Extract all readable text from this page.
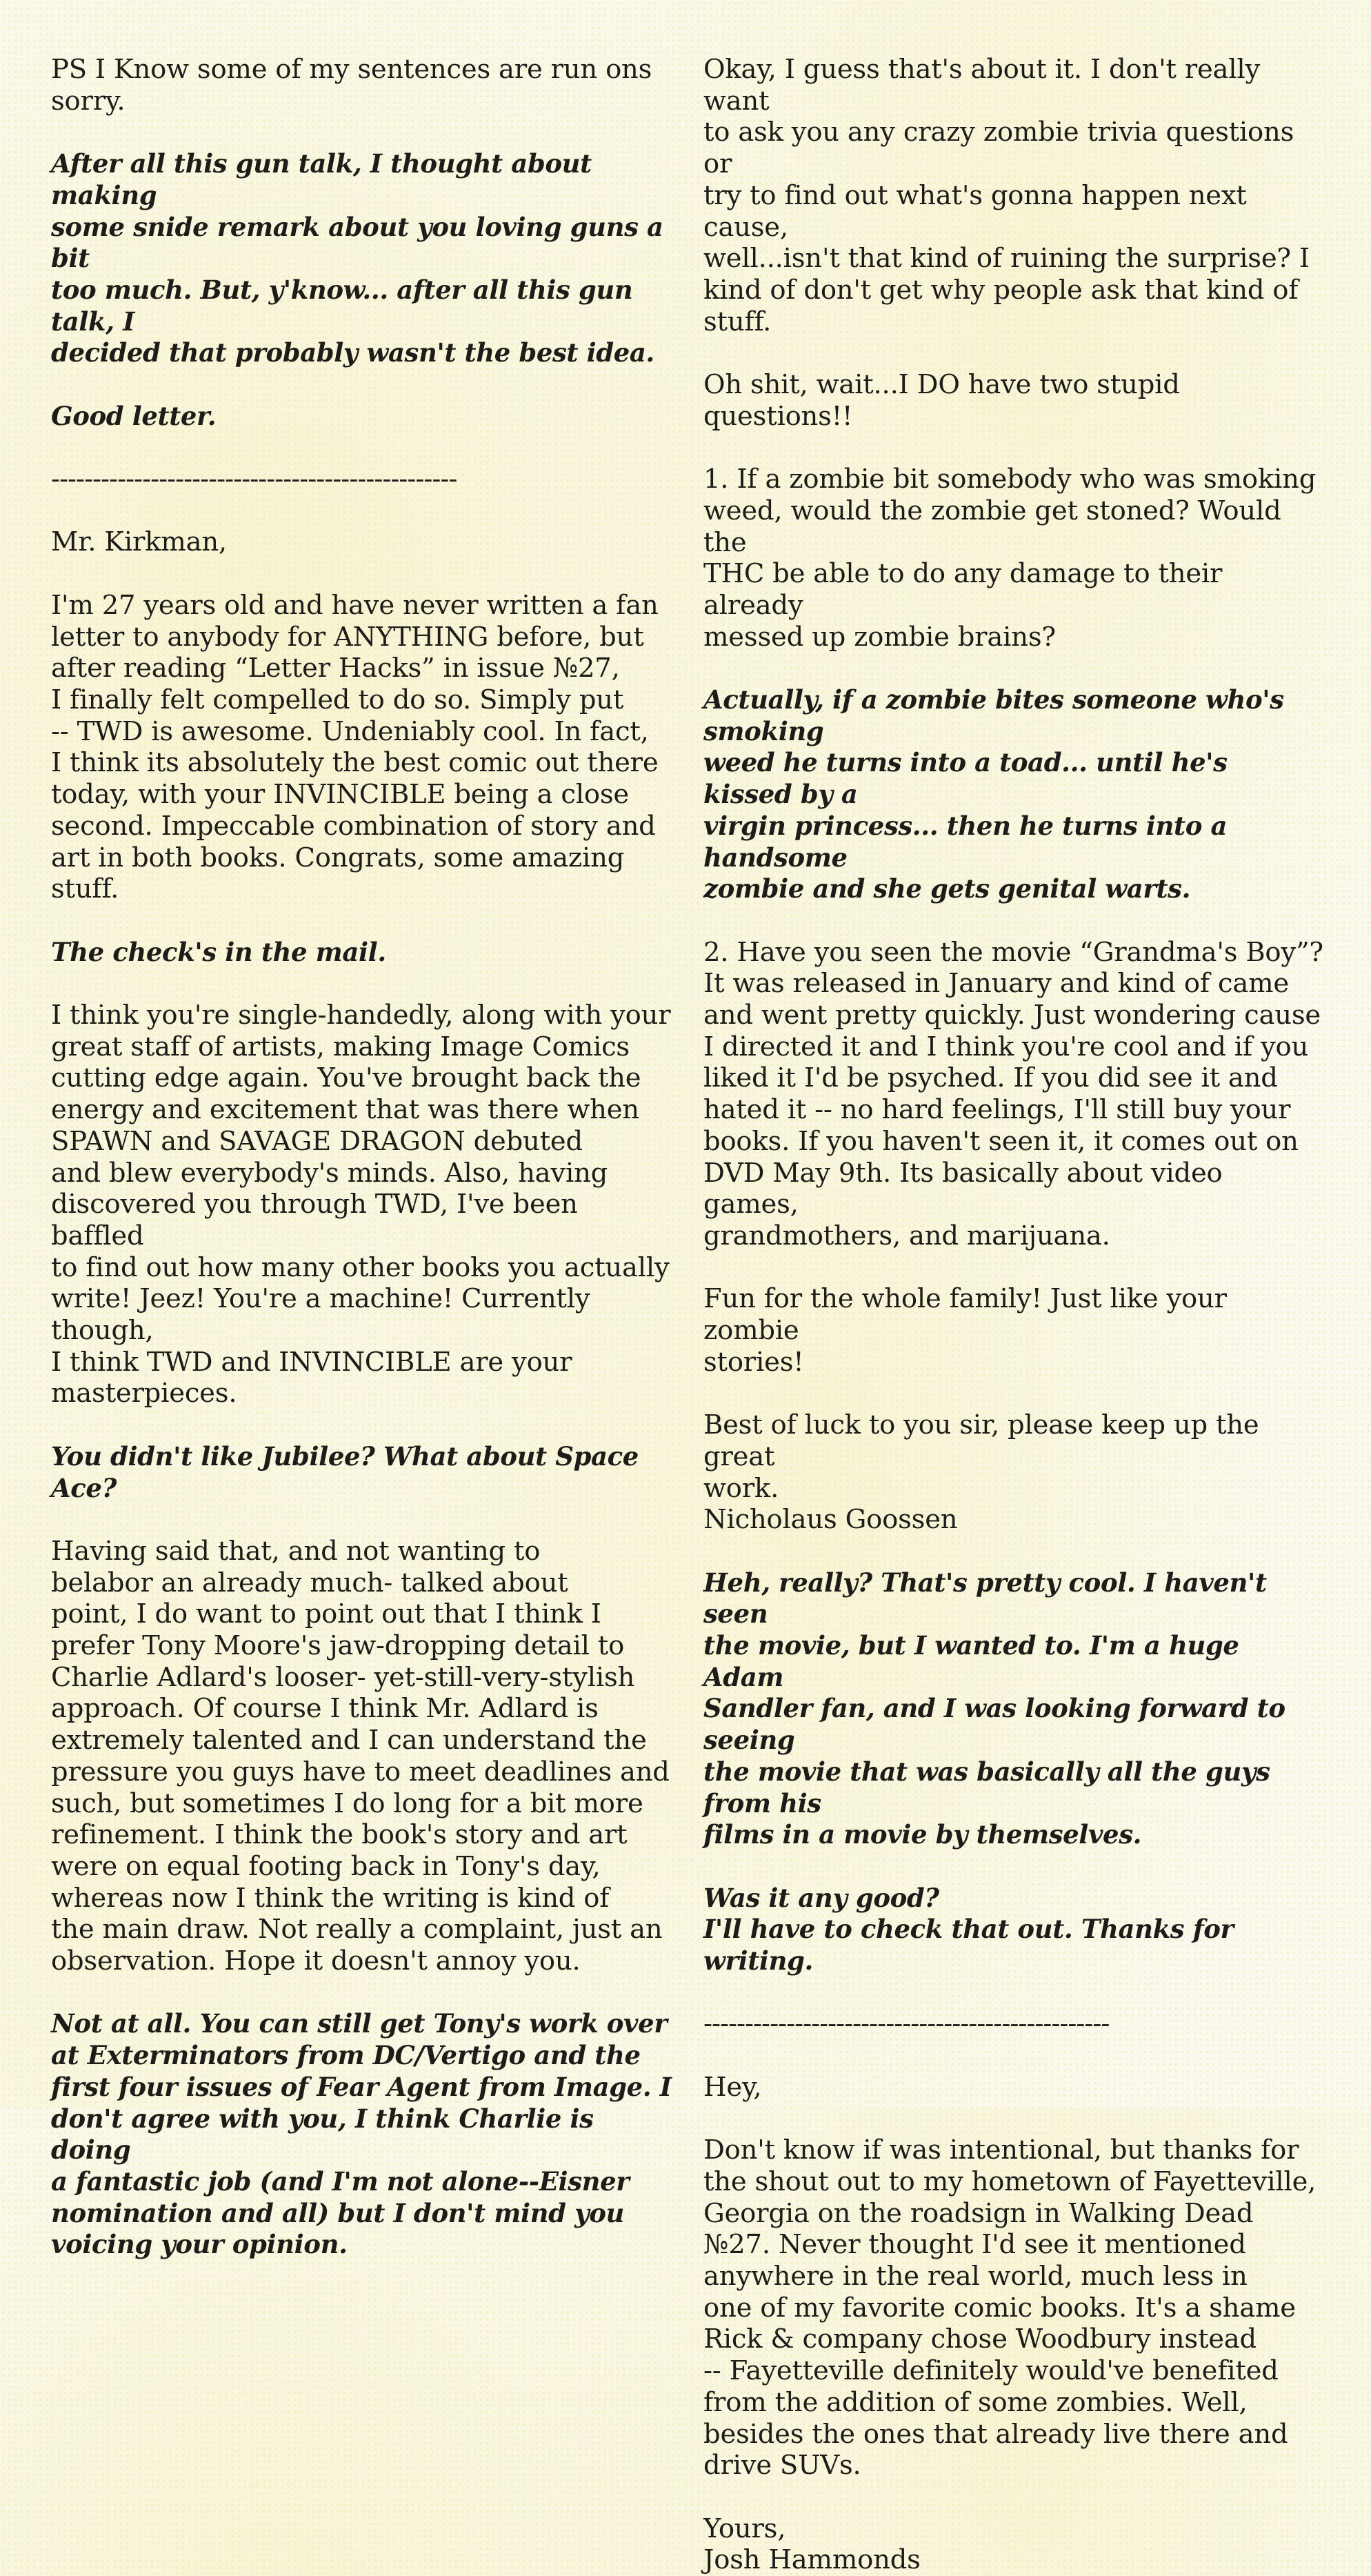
PS I Know some of my sentences are run ons
sorry.

After all this gun talk, I thought about making
some snide remark about you loving guns a bit
too much. But, y'know... after all this gun talk, I
decided that probably wasn't the best idea.

Good letter.

-------------------------------------------------

Mr. Kirkman,

I'm 27 years old and have never written a fan
letter to anybody for ANYTHING before, but
after reading “Letter Hacks” in issue №27,
I finally felt compelled to do so. Simply put
-- TWD is awesome. Undeniably cool. In fact,
I think its absolutely the best comic out there
today, with your INVINCIBLE being a close
second. Impeccable combination of story and
art in both books. Congrats, some amazing
stuff.

The check's in the mail.

I think you're single-handedly, along with your
great staff of artists, making Image Comics
cutting edge again. You've brought back the
energy and excitement that was there when
SPAWN and SAVAGE DRAGON debuted
and blew everybody's minds. Also, having
discovered you through TWD, I've been baffled
to find out how many other books you actually
write! Jeez! You're a machine! Currently though,
I think TWD and INVINCIBLE are your
masterpieces.

You didn't like Jubilee? What about Space Ace?

Having said that, and not wanting to
belabor an already much- talked about
point, I do want to point out that I think I
prefer Tony Moore's jaw-dropping detail to
Charlie Adlard's looser- yet-still-very-stylish
approach. Of course I think Mr. Adlard is
extremely talented and I can understand the
pressure you guys have to meet deadlines and
such, but sometimes I do long for a bit more
refinement. I think the book's story and art
were on equal footing back in Tony's day,
whereas now I think the writing is kind of
the main draw. Not really a complaint, just an
observation. Hope it doesn't annoy you.

Not at all. You can still get Tony's work over
at Exterminators from DC/Vertigo and the
first four issues of Fear Agent from Image. I
don't agree with you, I think Charlie is doing
a fantastic job (and I'm not alone--Eisner
nomination and all) but I don't mind you
voicing your opinion.

Okay, I guess that's about it. I don't really want
to ask you any crazy zombie trivia questions or
try to find out what's gonna happen next cause,
well...isn't that kind of ruining the surprise? I
kind of don't get why people ask that kind of
stuff.

Oh shit, wait...I DO have two stupid questions!!

1. If a zombie bit somebody who was smoking
weed, would the zombie get stoned? Would the
THC be able to do any damage to their already
messed up zombie brains?

Actually, if a zombie bites someone who's smoking
weed he turns into a toad... until he's kissed by a
virgin princess... then he turns into a handsome
zombie and she gets genital warts.

2. Have you seen the movie “Grandma's Boy”?
It was released in January and kind of came
and went pretty quickly. Just wondering cause
I directed it and I think you're cool and if you
liked it I'd be psyched. If you did see it and
hated it -- no hard feelings, I'll still buy your
books. If you haven't seen it, it comes out on
DVD May 9th. Its basically about video games,
grandmothers, and marijuana.

Fun for the whole family! Just like your zombie
stories!

Best of luck to you sir, please keep up the great
work.
Nicholaus Goossen

Heh, really? That's pretty cool. I haven't seen
the movie, but I wanted to. I'm a huge Adam
Sandler fan, and I was looking forward to seeing
the movie that was basically all the guys from his
films in a movie by themselves.

Was it any good?
I'll have to check that out. Thanks for writing.

-------------------------------------------------

Hey,

Don't know if was intentional, but thanks for
the shout out to my hometown of Fayetteville,
Georgia on the roadsign in Walking Dead
№27. Never thought I'd see it mentioned
anywhere in the real world, much less in
one of my favorite comic books. It's a shame
Rick & company chose Woodbury instead
-- Fayetteville definitely would've benefited
from the addition of some zombies. Well,
besides the ones that already live there and
drive SUVs.

Yours,
Josh Hammonds
